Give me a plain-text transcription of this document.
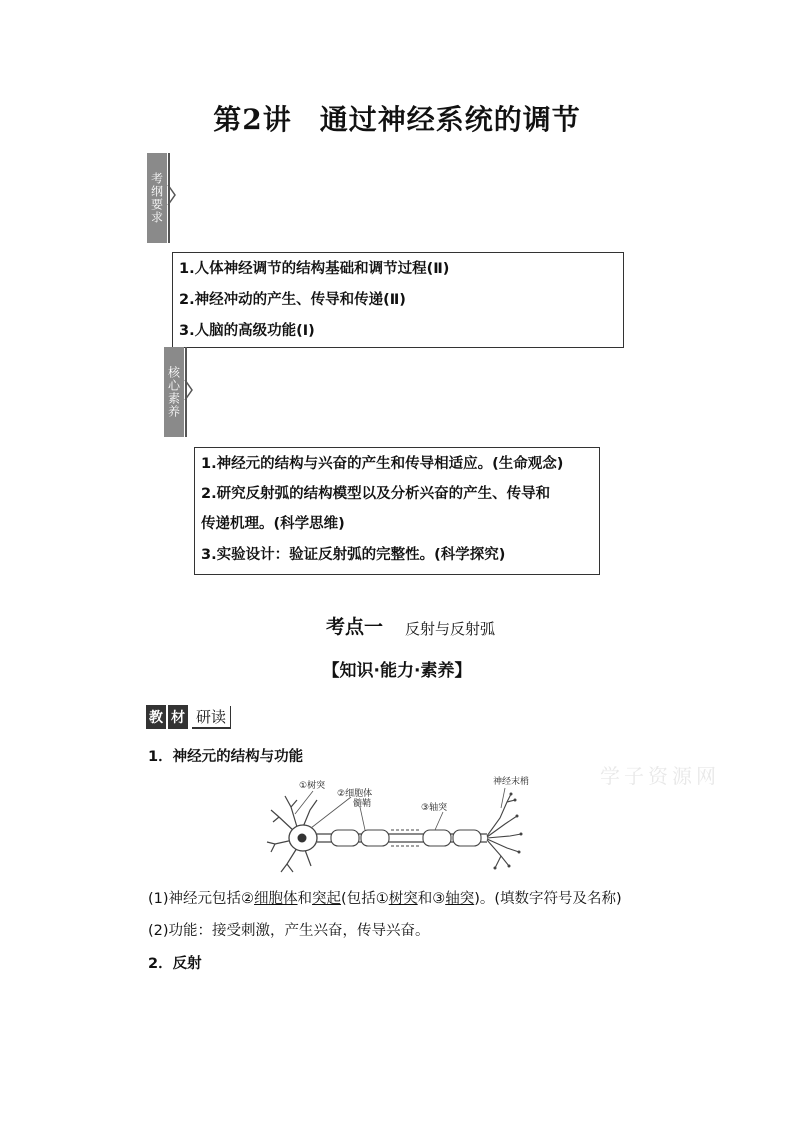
第2讲 通过神经系统的调节
考纲要求
1.人体神经调节的结构基础和调节过程(Ⅱ)
2.神经冲动的产生、传导和传递(Ⅱ)
3.人脑的高级功能(Ⅰ)
核心素养
1.神经元的结构与兴奋的产生和传导相适应。(生命观念)
2.研究反射弧的结构模型以及分析兴奋的产生、传导和
传递机理。(科学思维)
3.实验设计：验证反射弧的完整性。(科学探究)
考点一 反射与反射弧
【知识·能力·素养】
教 材 研读
1．神经元的结构与功能
①树突
②细胞体
髓鞘	③轴突
神经末梢	学子资源网
(1)神经元包括②细胞体和突起(包括①树突和③轴突)。(填数字符号及名称)
(2)功能：接受刺激，产生兴奋，传导兴奋。
2．反射
